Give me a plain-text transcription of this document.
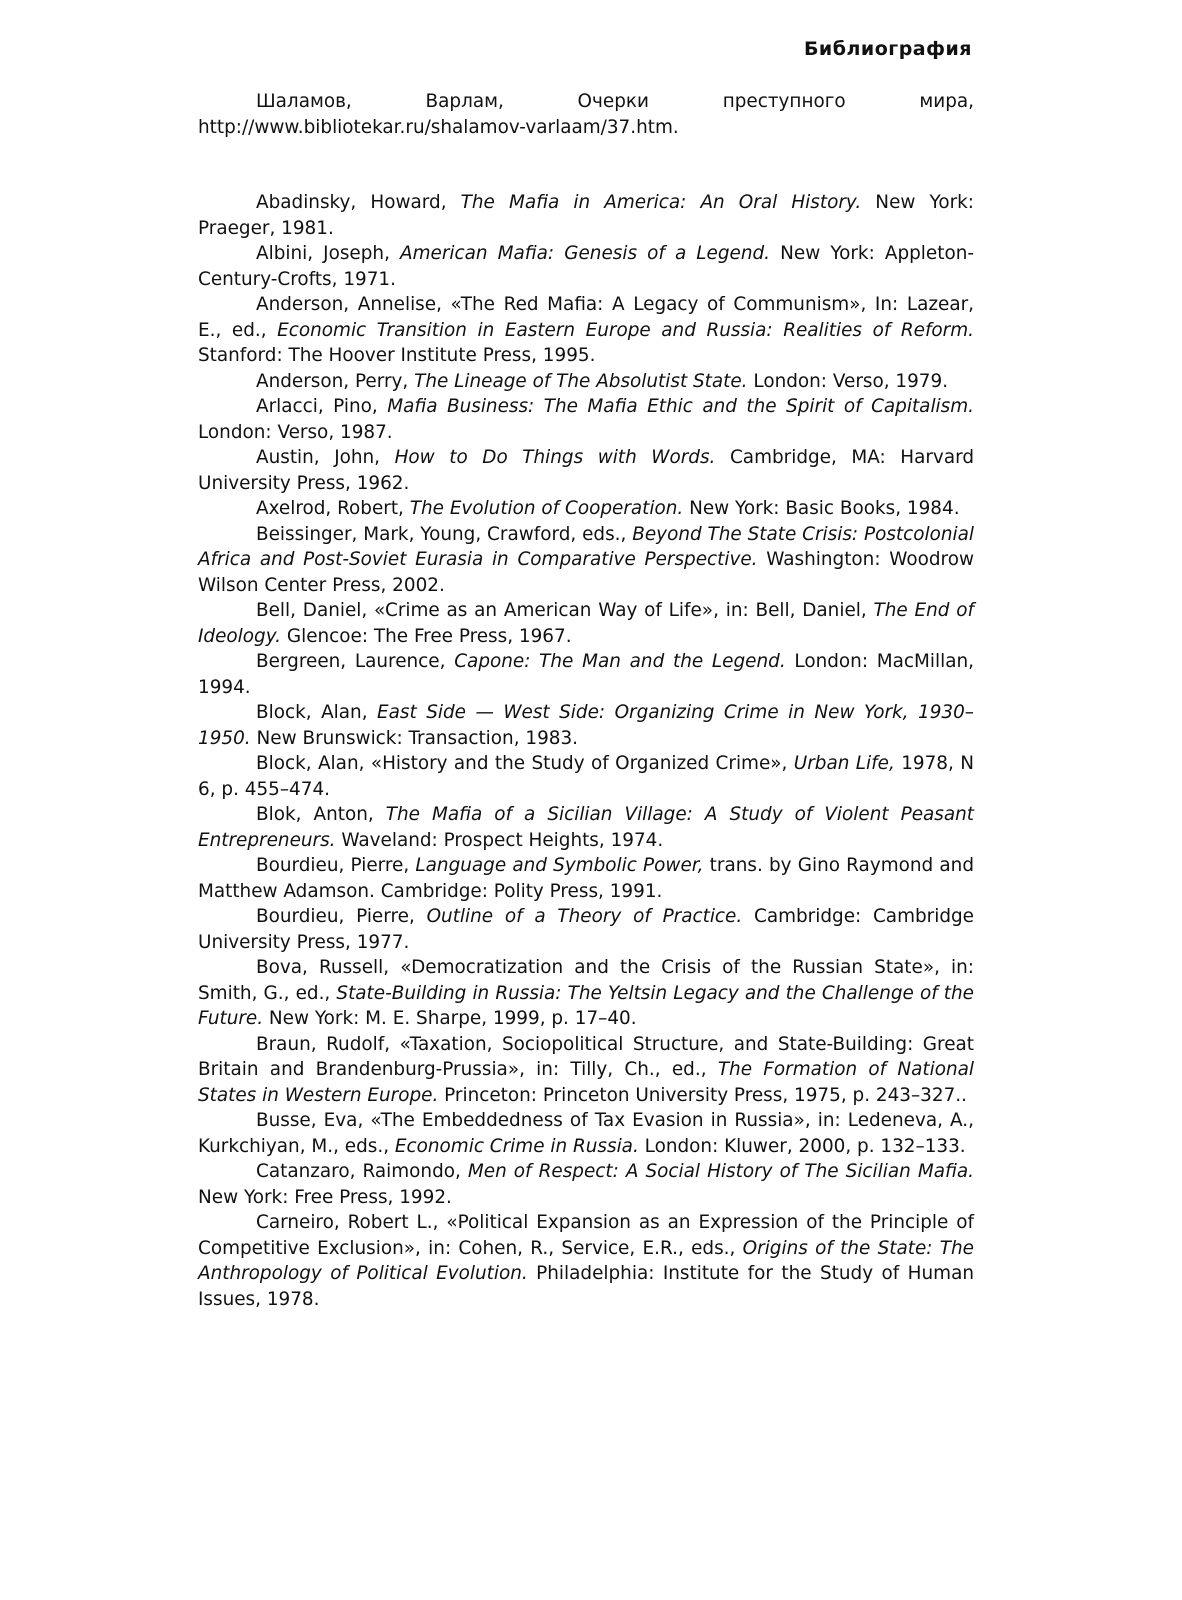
Библиография

Шаламов, Варлам, Очерки преступного мира, http://www.bibliotekar.ru/shalamov-varlaam/37.htm.

Abadinsky, Howard, The Mafia in America: An Oral History. New York: Praeger, 1981.

Albini, Joseph, American Mafia: Genesis of a Legend. New York: Appleton-Century-Crofts, 1971.

Anderson, Annelise, «The Red Mafia: A Legacy of Communism», In: Lazear, E., ed., Economic Transition in Eastern Europe and Russia: Realities of Reform. Stanford: The Hoover Institute Press, 1995.

Anderson, Perry, The Lineage of The Absolutist State. London: Verso, 1979.

Arlacci, Pino, Mafia Business: The Mafia Ethic and the Spirit of Capitalism. London: Verso, 1987.

Austin, John, How to Do Things with Words. Cambridge, MA: Harvard University Press, 1962.

Axelrod, Robert, The Evolution of Cooperation. New York: Basic Books, 1984.

Beissinger, Mark, Young, Crawford, eds., Beyond The State Crisis: Postcolonial Africa and Post-Soviet Eurasia in Comparative Perspective. Washington: Woodrow Wilson Center Press, 2002.

Bell, Daniel, «Crime as an American Way of Life», in: Bell, Daniel, The End of Ideology. Glencoe: The Free Press, 1967.

Bergreen, Laurence, Capone: The Man and the Legend. London: MacMillan, 1994.

Block, Alan, East Side — West Side: Organizing Crime in New York, 1930–1950. New Brunswick: Transaction, 1983.

Block, Alan, «History and the Study of Organized Crime», Urban Life, 1978, N 6, p. 455–474.

Blok, Anton, The Mafia of a Sicilian Village: A Study of Violent Peasant Entrepreneurs. Waveland: Prospect Heights, 1974.

Bourdieu, Pierre, Language and Symbolic Power, trans. by Gino Raymond and Matthew Adamson. Cambridge: Polity Press, 1991.

Bourdieu, Pierre, Outline of a Theory of Practice. Cambridge: Cambridge University Press, 1977.

Bova, Russell, «Democratization and the Crisis of the Russian State», in: Smith, G., ed., State-Building in Russia: The Yeltsin Legacy and the Challenge of the Future. New York: M. E. Sharpe, 1999, p. 17–40.

Braun, Rudolf, «Taxation, Sociopolitical Structure, and State-Building: Great Britain and Brandenburg-Prussia», in: Tilly, Ch., ed., The Formation of National States in Western Europe. Princeton: Princeton University Press, 1975, p. 243–327..

Busse, Eva, «The Embeddedness of Tax Evasion in Russia», in: Ledeneva, A., Kurkchiyan, M., eds., Economic Crime in Russia. London: Kluwer, 2000, p. 132–133.

Catanzaro, Raimondo, Men of Respect: A Social History of The Sicilian Mafia. New York: Free Press, 1992.

Carneiro, Robert L., «Political Expansion as an Expression of the Principle of Competitive Exclusion», in: Cohen, R., Service, E.R., eds., Origins of the State: The Anthropology of Political Evolution. Philadelphia: Institute for the Study of Human Issues, 1978.
